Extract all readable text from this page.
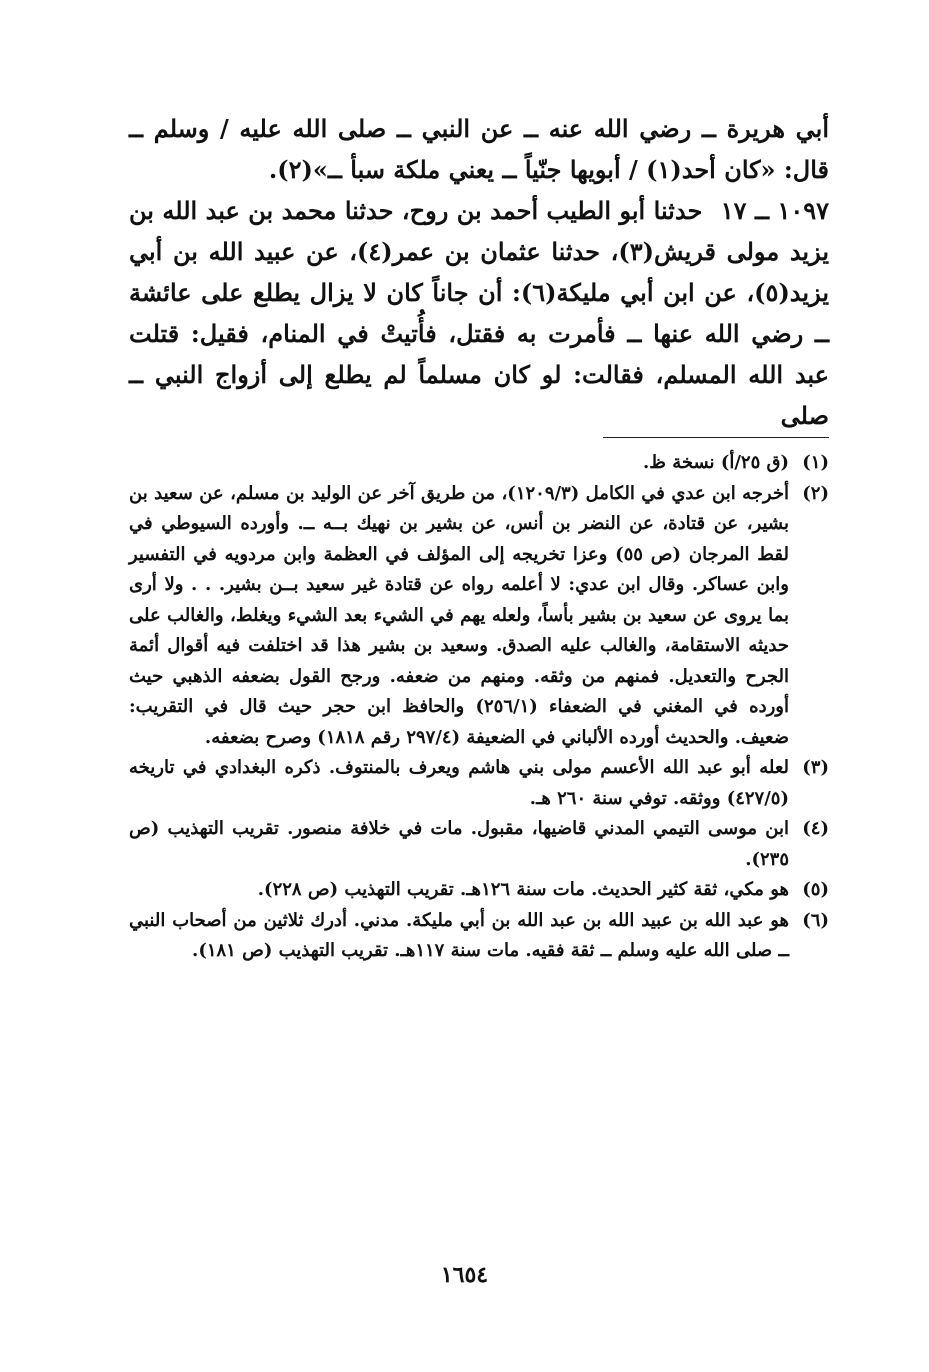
أبي هريرة ــ رضي الله عنه ــ عن النبي ــ صلى الله عليه / وسلم ــ قال: «كان أحد(١) / أبويها جنّياً ــ يعني ملكة سبأ ــ»(٢).

١٠٩٧ ــ ١٧ حدثنا أبو الطيب أحمد بن روح، حدثنا محمد بن عبد الله بن يزيد مولى قريش(٣)، حدثنا عثمان بن عمر(٤)، عن عبيد الله بن أبي يزيد(٥)، عن ابن أبي مليكة(٦): أن جاناً كان لا يزال يطلع على عائشة ــ رضي الله عنها ــ فأمرت به فقتل، فأُتيتْ في المنام، فقيل: قتلت عبد الله المسلم، فقالت: لو كان مسلماً لم يطلع إلى أزواج النبي ــ صلى

(١)
(ق ٢٥/أ) نسخة ظ.
(٢)
أخرجه ابن عدي في الكامل (١٢٠٩/٣)، من طريق آخر عن الوليد بن مسلم، عن سعيد بن بشير، عن قتادة، عن النضر بن أنس، عن بشير بن نهيك بــه ــ. وأورده السيوطي في لقط المرجان (ص ٥٥) وعزا تخريجه إلى المؤلف في العظمة وابن مردويه في التفسير وابن عساكر. وقال ابن عدي: لا أعلمه رواه عن قتادة غير سعيد بــن بشير. . . ولا أرى بما يروى عن سعيد بن بشير بأساً، ولعله يهم في الشيء بعد الشيء ويغلط، والغالب على حديثه الاستقامة، والغالب عليه الصدق. وسعيد بن بشير هذا قد اختلفت فيه أقوال أئمة الجرح والتعديل. فمنهم من وثقه. ومنهم من ضعفه. ورجح القول بضعفه الذهبي حيث أورده في المغني في الضعفاء (٢٥٦/١) والحافظ ابن حجر حيث قال في التقريب: ضعيف. والحديث أورده الألباني في الضعيفة (٢٩٧/٤ رقم ١٨١٨) وصرح بضعفه.
(٣)
لعله أبو عبد الله الأعسم مولى بني هاشم ويعرف بالمنتوف. ذكره البغدادي في تاريخه (٤٢٧/٥) ووثقه. توفي سنة ٢٦٠ هـ.
(٤)
ابن موسى التيمي المدني قاضيها، مقبول. مات في خلافة منصور. تقريب التهذيب (ص ٢٣٥).
(٥)
هو مكي، ثقة كثير الحديث. مات سنة ١٢٦هـ. تقريب التهذيب (ص ٢٢٨).
(٦)
هو عبد الله بن عبيد الله بن عبد الله بن أبي مليكة. مدني. أدرك ثلاثين من أصحاب النبي ــ صلى الله عليه وسلم ــ ثقة فقيه. مات سنة ١١٧هـ. تقريب التهذيب (ص ١٨١).
١٦٥٤
